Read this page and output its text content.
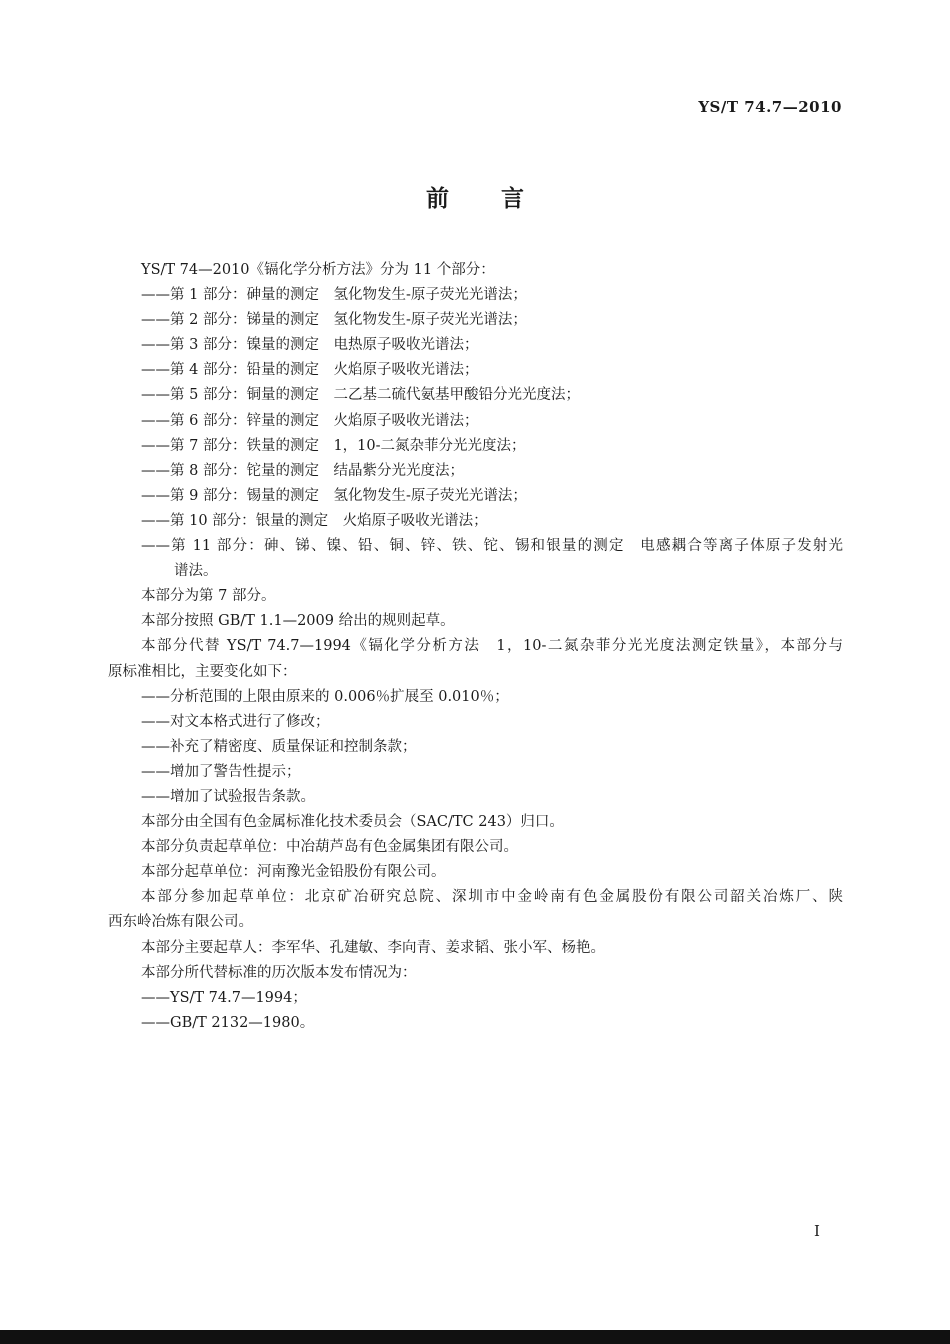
YS/T 74.7—2010
前言
YS/T 74—2010《镉化学分析方法》分为 11 个部分：
——第 1 部分：砷量的测定　氢化物发生-原子荧光光谱法；
——第 2 部分：锑量的测定　氢化物发生-原子荧光光谱法；
——第 3 部分：镍量的测定　电热原子吸收光谱法；
——第 4 部分：铅量的测定　火焰原子吸收光谱法；
——第 5 部分：铜量的测定　二乙基二硫代氨基甲酸铅分光光度法；
——第 6 部分：锌量的测定　火焰原子吸收光谱法；
——第 7 部分：铁量的测定　1，10-二氮杂菲分光光度法；
——第 8 部分：铊量的测定　结晶紫分光光度法；
——第 9 部分：锡量的测定　氢化物发生-原子荧光光谱法；
——第 10 部分：银量的测定　火焰原子吸收光谱法；
——第 11 部分：砷、锑、镍、铅、铜、锌、铁、铊、锡和银量的测定　电感耦合等离子体原子发射光
谱法。
本部分为第 7 部分。
本部分按照 GB/T 1.1—2009 给出的规则起草。
本部分代替 YS/T 74.7—1994《镉化学分析方法　1，10-二氮杂菲分光光度法测定铁量》，本部分与
原标准相比，主要变化如下：
——分析范围的上限由原来的 0.006％扩展至 0.010％；
——对文本格式进行了修改；
——补充了精密度、质量保证和控制条款；
——增加了警告性提示；
——增加了试验报告条款。
本部分由全国有色金属标准化技术委员会（SAC/TC 243）归口。
本部分负责起草单位：中冶葫芦岛有色金属集团有限公司。
本部分起草单位：河南豫光金铅股份有限公司。
本部分参加起草单位：北京矿冶研究总院、深圳市中金岭南有色金属股份有限公司韶关冶炼厂、陕
西东岭冶炼有限公司。
本部分主要起草人：李军华、孔建敏、李向青、姜求韬、张小军、杨艳。
本部分所代替标准的历次版本发布情况为：
——YS/T 74.7—1994；
——GB/T 2132—1980。
I
